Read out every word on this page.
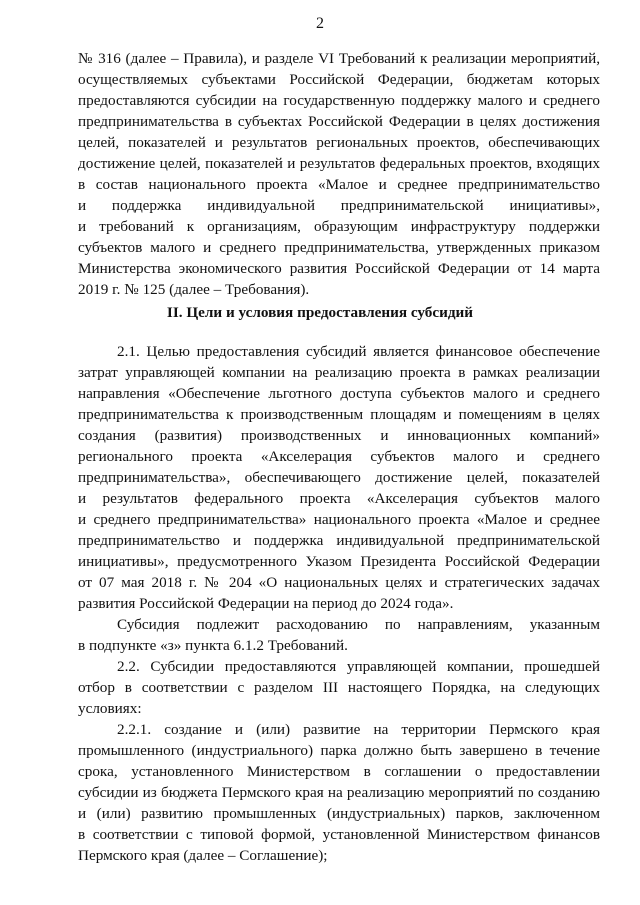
2
№ 316 (далее – Правила), и разделе VI Требований к реализации мероприятий,
осуществляемых субъектами Российской Федерации, бюджетам которых
предоставляются субсидии на государственную поддержку малого и среднего
предпринимательства в субъектах Российской Федерации в целях достижения
целей, показателей и результатов региональных проектов, обеспечивающих
достижение целей, показателей и результатов федеральных проектов, входящих
в состав национального проекта «Малое и среднее предпринимательство
и поддержка индивидуальной предпринимательской инициативы»,
и требований к организациям, образующим инфраструктуру поддержки
субъектов малого и среднего предпринимательства, утвержденных приказом
Министерства экономического развития Российской Федерации от 14 марта
2019 г. № 125 (далее – Требования).
II. Цели и условия предоставления субсидий
2.1. Целью предоставления субсидий является финансовое обеспечение
затрат управляющей компании на реализацию проекта в рамках реализации
направления «Обеспечение льготного доступа субъектов малого и среднего
предпринимательства к производственным площадям и помещениям в целях
создания (развития) производственных и инновационных компаний»
регионального проекта «Акселерация субъектов малого и среднего
предпринимательства», обеспечивающего достижение целей, показателей
и результатов федерального проекта «Акселерация субъектов малого
и среднего предпринимательства» национального проекта «Малое и среднее
предпринимательство и поддержка индивидуальной предпринимательской
инициативы», предусмотренного Указом Президента Российской Федерации
от 07 мая 2018 г. № 204 «О национальных целях и стратегических задачах
развития Российской Федерации на период до 2024 года».
Субсидия подлежит расходованию по направлениям, указанным
в подпункте «з» пункта 6.1.2 Требований.
2.2. Субсидии предоставляются управляющей компании, прошедшей
отбор в соответствии с разделом III настоящего Порядка, на следующих
условиях:
2.2.1. создание и (или) развитие на территории Пермского края
промышленного (индустриального) парка должно быть завершено в течение
срока, установленного Министерством в соглашении о предоставлении
субсидии из бюджета Пермского края на реализацию мероприятий по созданию
и (или) развитию промышленных (индустриальных) парков, заключенном
в соответствии с типовой формой, установленной Министерством финансов
Пермского края (далее – Соглашение);
